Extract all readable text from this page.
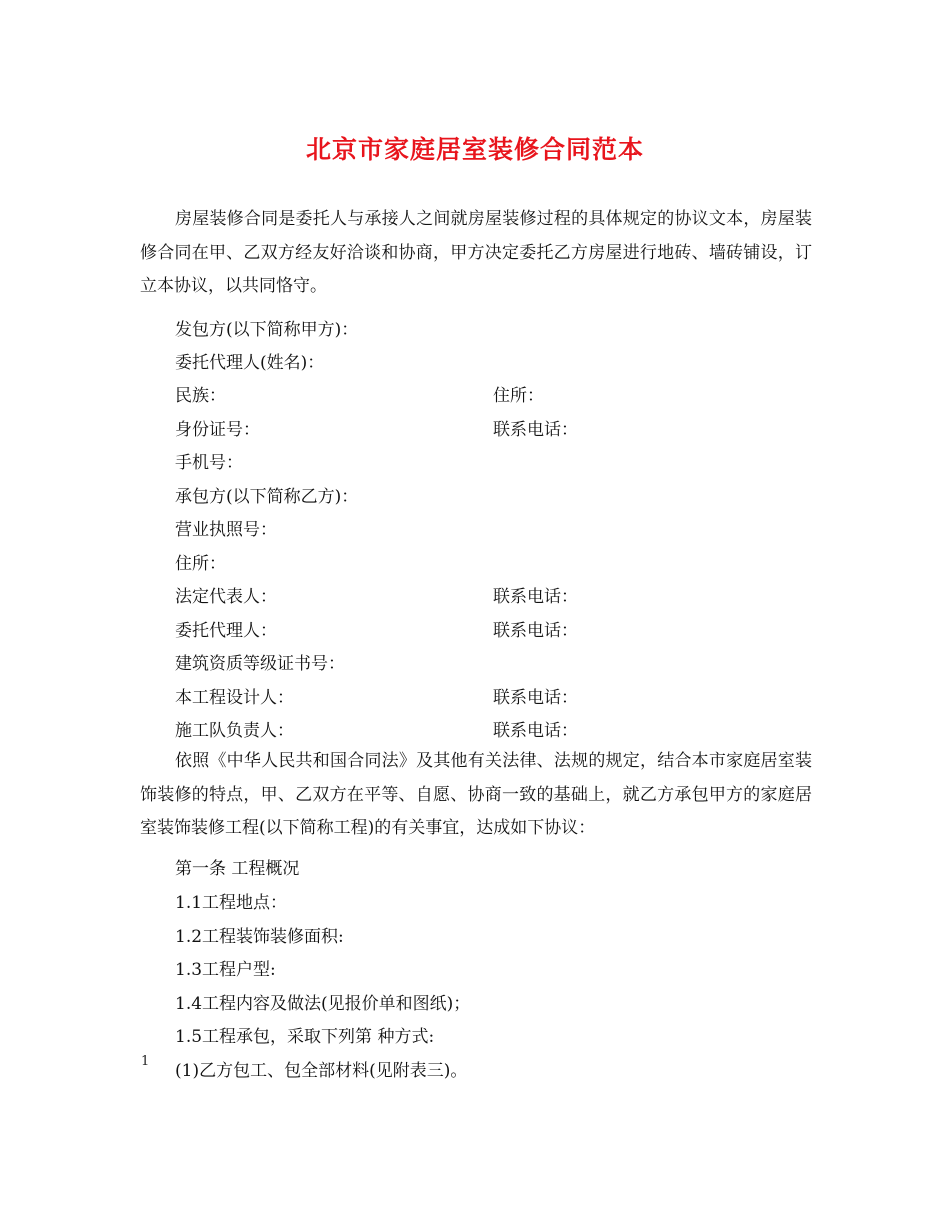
北京市家庭居室装修合同范本
房屋装修合同是委托人与承接人之间就房屋装修过程的具体规定的协议文本，房屋装修合同在甲、乙双方经友好洽谈和协商，甲方决定委托乙方房屋进行地砖、墙砖铺设，订立本协议，以共同恪守。
发包方(以下简称甲方)：
委托代理人(姓名)：
民族：	住所：
身份证号：	联系电话：
手机号：
承包方(以下简称乙方)：
营业执照号：
住所：
法定代表人：	联系电话：
委托代理人：	联系电话：
建筑资质等级证书号：
本工程设计人：	联系电话：
施工队负责人：	联系电话：
依照《中华人民共和国合同法》及其他有关法律、法规的规定，结合本市家庭居室装饰装修的特点，甲、乙双方在平等、自愿、协商一致的基础上，就乙方承包甲方的家庭居室装饰装修工程(以下简称工程)的有关事宜，达成如下协议：
第一条 工程概况
1.1工程地点：
1.2工程装饰装修面积:
1.3工程户型:
1.4工程内容及做法(见报价单和图纸)；
1.5工程承包，采取下列第 种方式:
(1)乙方包工、包全部材料(见附表三)。
1
